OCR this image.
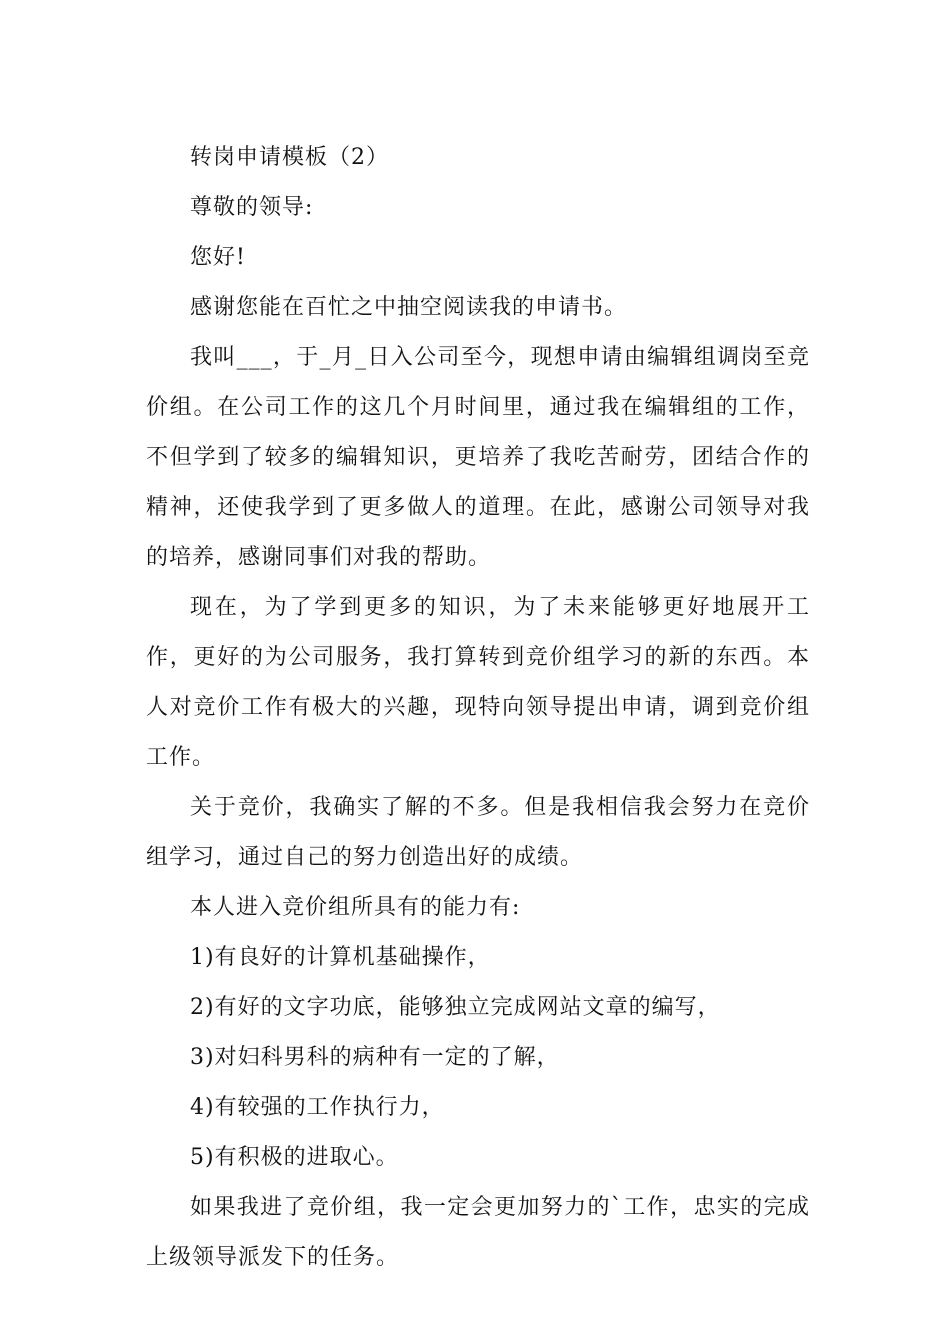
转岗申请模板（2）

尊敬的领导:

您好!

感谢您能在百忙之中抽空阅读我的申请书。

我叫___，于_月_日入公司至今，现想申请由编辑组调岗至竞价组。在公司工作的这几个月时间里，通过我在编辑组的工作，不但学到了较多的编辑知识，更培养了我吃苦耐劳，团结合作的精神，还使我学到了更多做人的道理。在此，感谢公司领导对我的培养，感谢同事们对我的帮助。

现在，为了学到更多的知识，为了未来能够更好地展开工作，更好的为公司服务，我打算转到竞价组学习的新的东西。本人对竞价工作有极大的兴趣，现特向领导提出申请，调到竞价组工作。

关于竞价，我确实了解的不多。但是我相信我会努力在竞价组学习，通过自己的努力创造出好的成绩。

本人进入竞价组所具有的能力有:

1)有良好的计算机基础操作，

2)有好的文字功底，能够独立完成网站文章的编写，

3)对妇科男科的病种有一定的了解，

4)有较强的工作执行力，

5)有积极的进取心。

如果我进了竞价组，我一定会更加努力的`工作，忠实的完成上级领导派发下的任务。
